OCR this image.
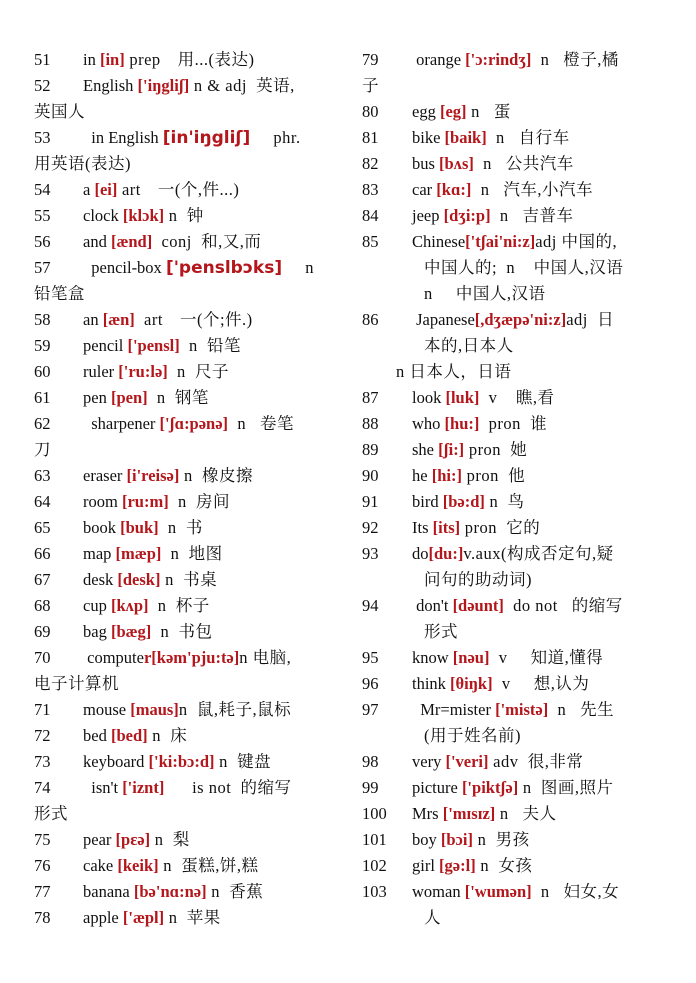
51 in [in] prep　用...(表达)
52 English ['iŋgliʃ] n & adj  英语,
英国人
53  in English [in'iŋgliʃ]     phr.
用英语(表达)
54 a [ei] art　一(个,件...)
55 clock [klɔk] n  钟
56 and [ænd]  conj  和,又,而
57  pencil-box ['penslbɔks]     n
铅笔盒
58 an [æn]  art　一(个;件.)
59 pencil ['pensl]  n  铅笔
60 ruler ['ru:lə]  n  尺子
61 pen [pen]  n  钢笔
62  sharpener ['ʃɑ:pənə]  n   卷笔
刀
63 eraser [i'reisə] n  橡皮擦
64 room [ru:m]  n  房间
65 book [buk]  n  书
66 map [mæp]  n  地图
67 desk [desk] n  书桌
68 cup [kʌp]  n  杯子
69 bag [bæg]  n  书包
70 computer[kəm'pju:tə]n 电脑,
电子计算机
71 mouse [maus]n  鼠,耗子,鼠标
72 bed [bed] n  床
73 keyboard ['ki:bɔ:d] n  键盘
74  isn't ['iznt]      is not  的缩写
形式
75 pear [pɛə] n  梨
76 cake [keik] n  蛋糕,饼,糕
77 banana [bə'nɑ:nə] n  香蕉
78 apple ['æpl] n  苹果
79 orange ['ɔ:rindʒ]  n   橙子,橘
子
80 egg [eg] n   蛋
81 bike [baik]  n   自行车
82 bus [bʌs]  n   公共汽车
83 car [kɑ:]  n   汽车,小汽车
84 jeep [dʒi:p]  n   吉普车
85 Chinese['tʃai'ni:z]adj 中国的,
中国人的;  n    中国人,汉语
n     中国人,汉语
86 Japanese[,dʒæpə'ni:z]adj  日
本的,日本人
n 日本人，日语
87 look [luk]  v    瞧,看
88 who [hu:]  pron  谁
89 she [ʃi:] pron  她
90 he [hi:] pron  他
91 bird [bə:d] n  鸟
92 Its [its] pron  它的
93 do[du:]v.aux(构成否定句,疑
问句的助动词)
94 don't [dəunt]  do not   的缩写
形式
95 know [nəu]  v     知道,懂得
96 think [θiŋk]  v     想,认为
97  Mr=mister ['mistə]  n   先生
(用于姓名前)
98 very ['veri] adv  很,非常
99 picture ['piktʃə] n  图画,照片
100 Mrs ['mɪsɪz] n   夫人
101 boy [bɔi] n  男孩
102 girl [gə:l] n  女孩
103 woman ['wumən]  n   妇女,女
人
